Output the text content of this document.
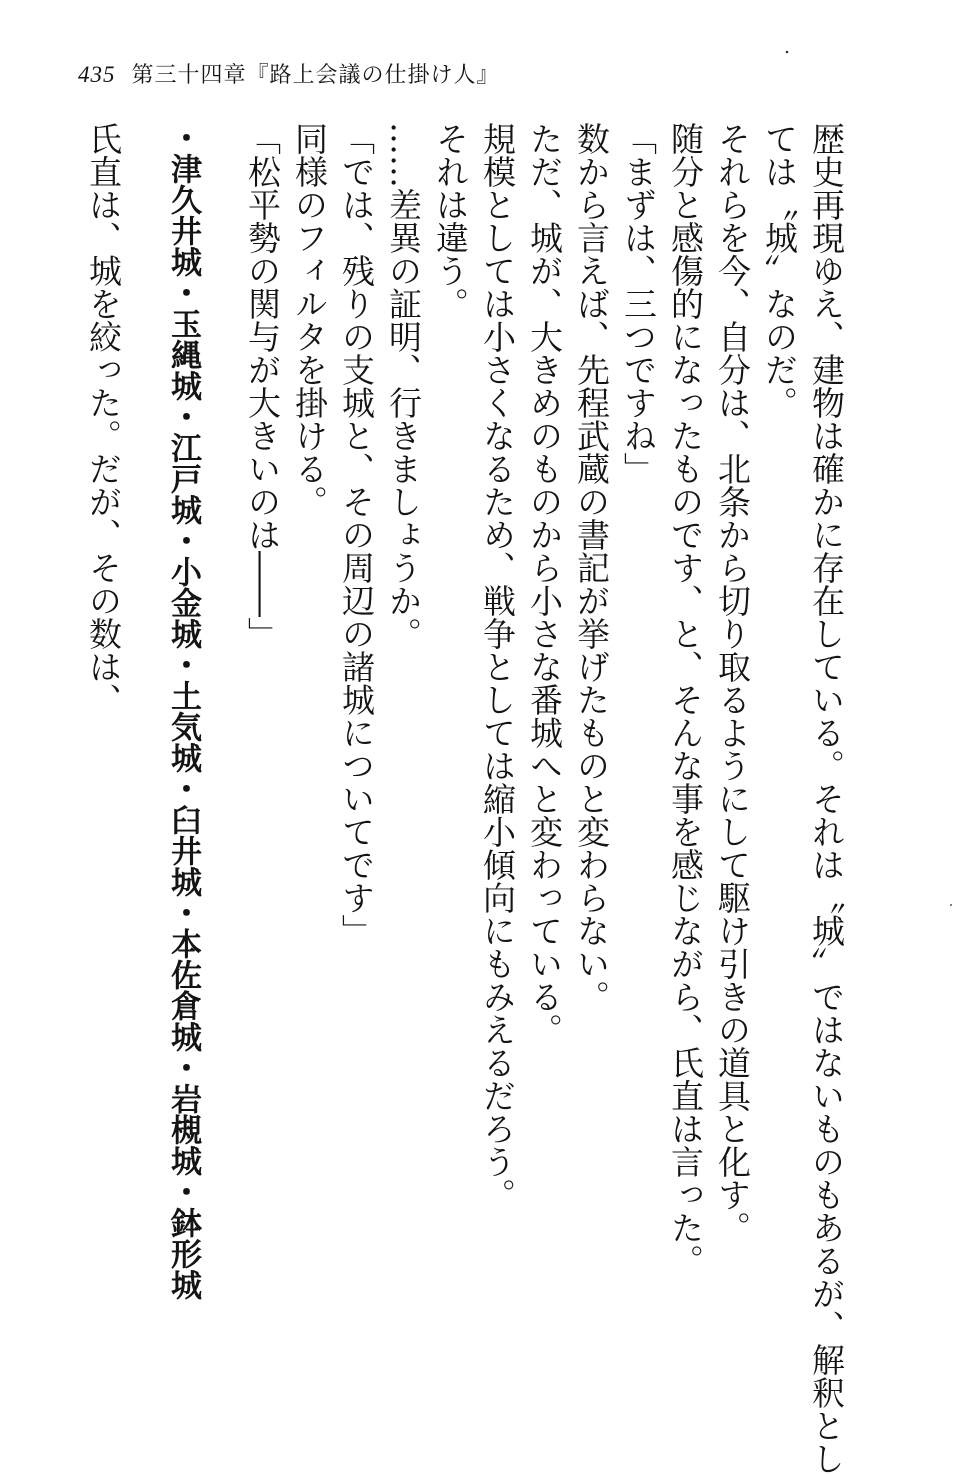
435 第三十四章『路上会議の仕掛け人』
歴史再現ゆえ、建物は確かに存在している。それは〝城〟ではないものもあるが、解釈とし
ては〝城〟なのだ。
それらを今、自分は、北条から切り取るようにして駆け引きの道具と化す。
随分と感傷的になったものです、と、そんな事を感じながら、氏直は言った。
「まずは、三つですね」
数から言えば、先程武蔵の書記が挙げたものと変わらない。
ただ、城が、大きめのものから小さな番城へと変わっている。
規模としては小さくなるため、戦争としては縮小傾向にもみえるだろう。
それは違う。
……差異の証明、行きましょうか。
「では、残りの支城と、その周辺の諸城についてです」
同様のフィルタを掛ける。
「松平勢の関与が大きいのは――」
・津久井城・玉縄城・江戸城・小金城・土気城・臼井城・本佐倉城・岩槻城・鉢形城
氏直は、城を絞った。だが、その数は、
